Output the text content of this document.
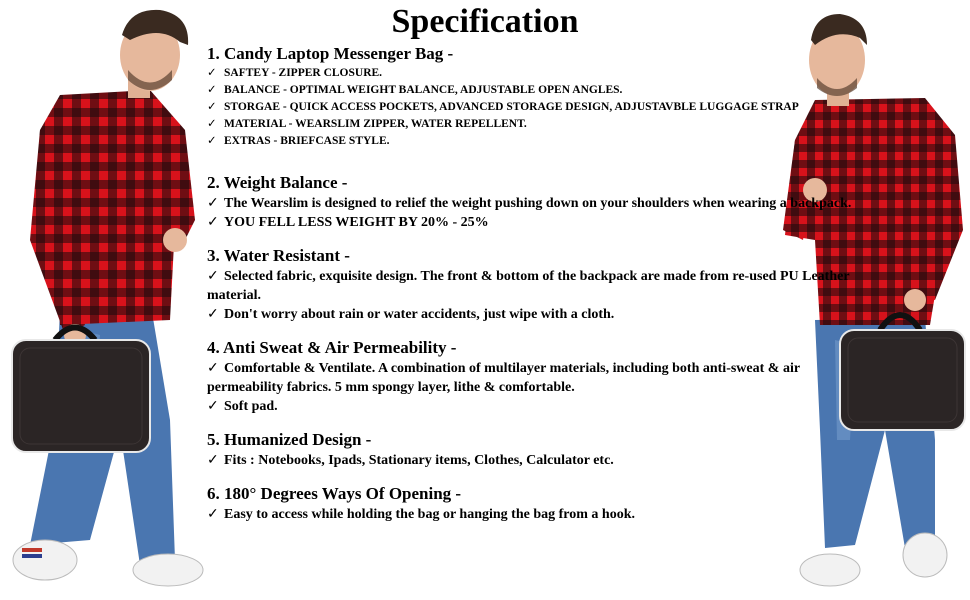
Specification

1. Candy Laptop Messenger Bag -

✓ SAFTEY - ZIPPER CLOSURE.

✓ BALANCE - OPTIMAL WEIGHT BALANCE, ADJUSTABLE OPEN ANGLES.

✓ STORGAE - QUICK ACCESS POCKETS, ADVANCED STORAGE DESIGN, ADJUSTAVBLE LUGGAGE STRAP

✓ MATERIAL - WEARSLIM ZIPPER, WATER REPELLENT.

✓ EXTRAS - BRIEFCASE STYLE.

2. Weight Balance -

✓ The Wearslim is designed to relief the weight pushing down on your shoulders when wearing a backpack.

✓ YOU FELL LESS WEIGHT BY 20% - 25%

3. Water Resistant -

✓ Selected fabric, exquisite design. The front & bottom of the backpack are made from re-used PU Leather material.

✓ Don't worry about rain or water accidents, just wipe with a cloth.

4. Anti Sweat & Air Permeability -

✓ Comfortable & Ventilate. A combination of multilayer materials, including both anti-sweat & air permeability fabrics. 5 mm spongy layer, lithe & comfortable.

✓ Soft pad.

5. Humanized Design -

✓ Fits : Notebooks, Ipads, Stationary items, Clothes, Calculator etc.

6. 180° Degrees Ways Of Opening -

✓ Easy to access while holding the bag or hanging the bag from a hook.
